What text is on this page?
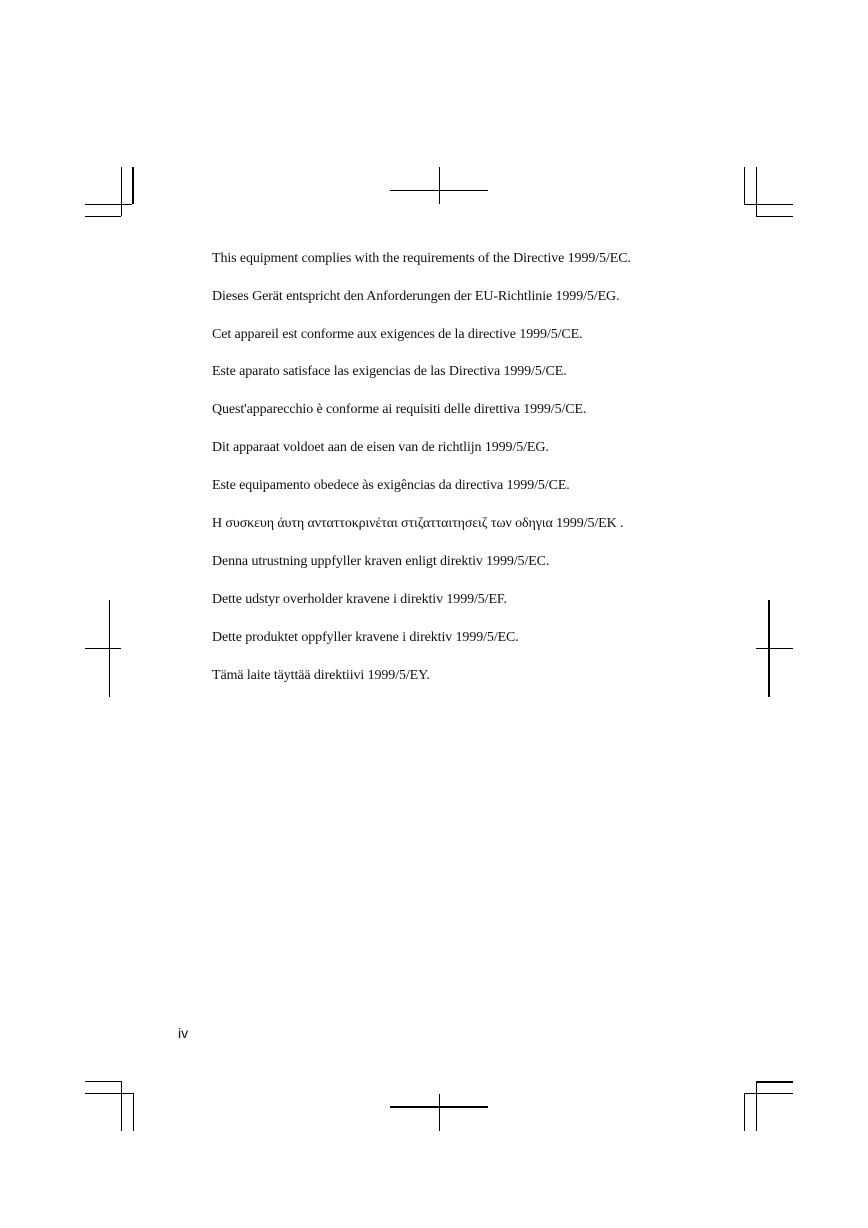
This equipment complies with the requirements of the Directive 1999/5/EC.
Dieses Gerät entspricht den Anforderungen der EU-Richtlinie 1999/5/EG.
Cet appareil est conforme aux exigences de la directive 1999/5/CE.
Este aparato satisface las exigencias de las Directiva 1999/5/CE.
Quest'apparecchio è conforme ai requisiti delle direttiva 1999/5/CE.
Dit apparaat voldoet aan de eisen van de richtlijn 1999/5/EG.
Este equipamento obedece às exigências da directiva 1999/5/CE.
Η συσκευη άυτη ανταττοκρινέται στιζατταιτησειζ των οδηγια 1999/5/EK .
Denna utrustning uppfyller kraven enligt direktiv 1999/5/EC.
Dette udstyr overholder kravene i direktiv 1999/5/EF.
Dette produktet oppfyller kravene i direktiv 1999/5/EC.
Tämä laite täyttää direktiivi 1999/5/EY.
iv
